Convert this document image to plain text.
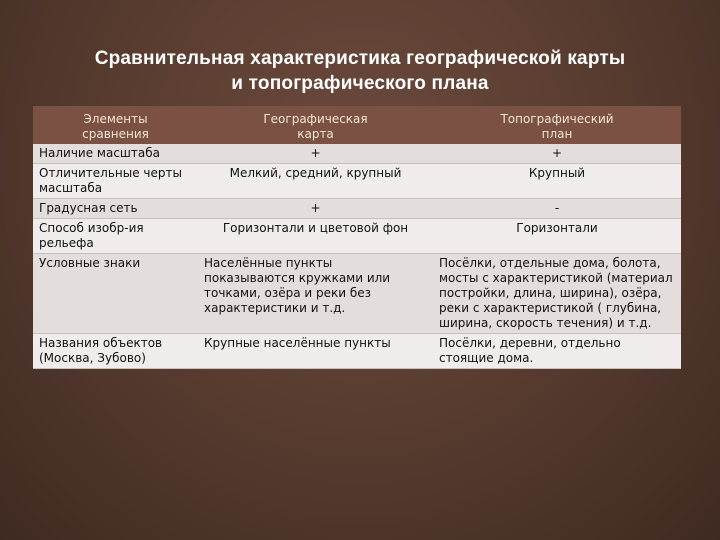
Сравнительная характеристика географической карты
и топографического плана
Элементы сравнения	Географическая карта	Топографический план
Наличие масштаба	+	+
Отличительные черты масштаба	Мелкий, средний, крупный	Крупный
Градусная сеть	+	-
Способ изобр-ия рельефа	Горизонтали и цветовой фон	Горизонтали
Условные знаки	Населённые пункты показываются кружками или точками, озёра и реки без характеристики и т.д.	Посёлки, отдельные дома, болота, мосты с характеристикой (материал постройки, длина, ширина), озёра, реки с характеристикой ( глубина, ширина, скорость течения) и т.д.
Названия объектов (Москва, Зубово)	Крупные населённые пункты	Посёлки, деревни, отдельно стоящие дома.
